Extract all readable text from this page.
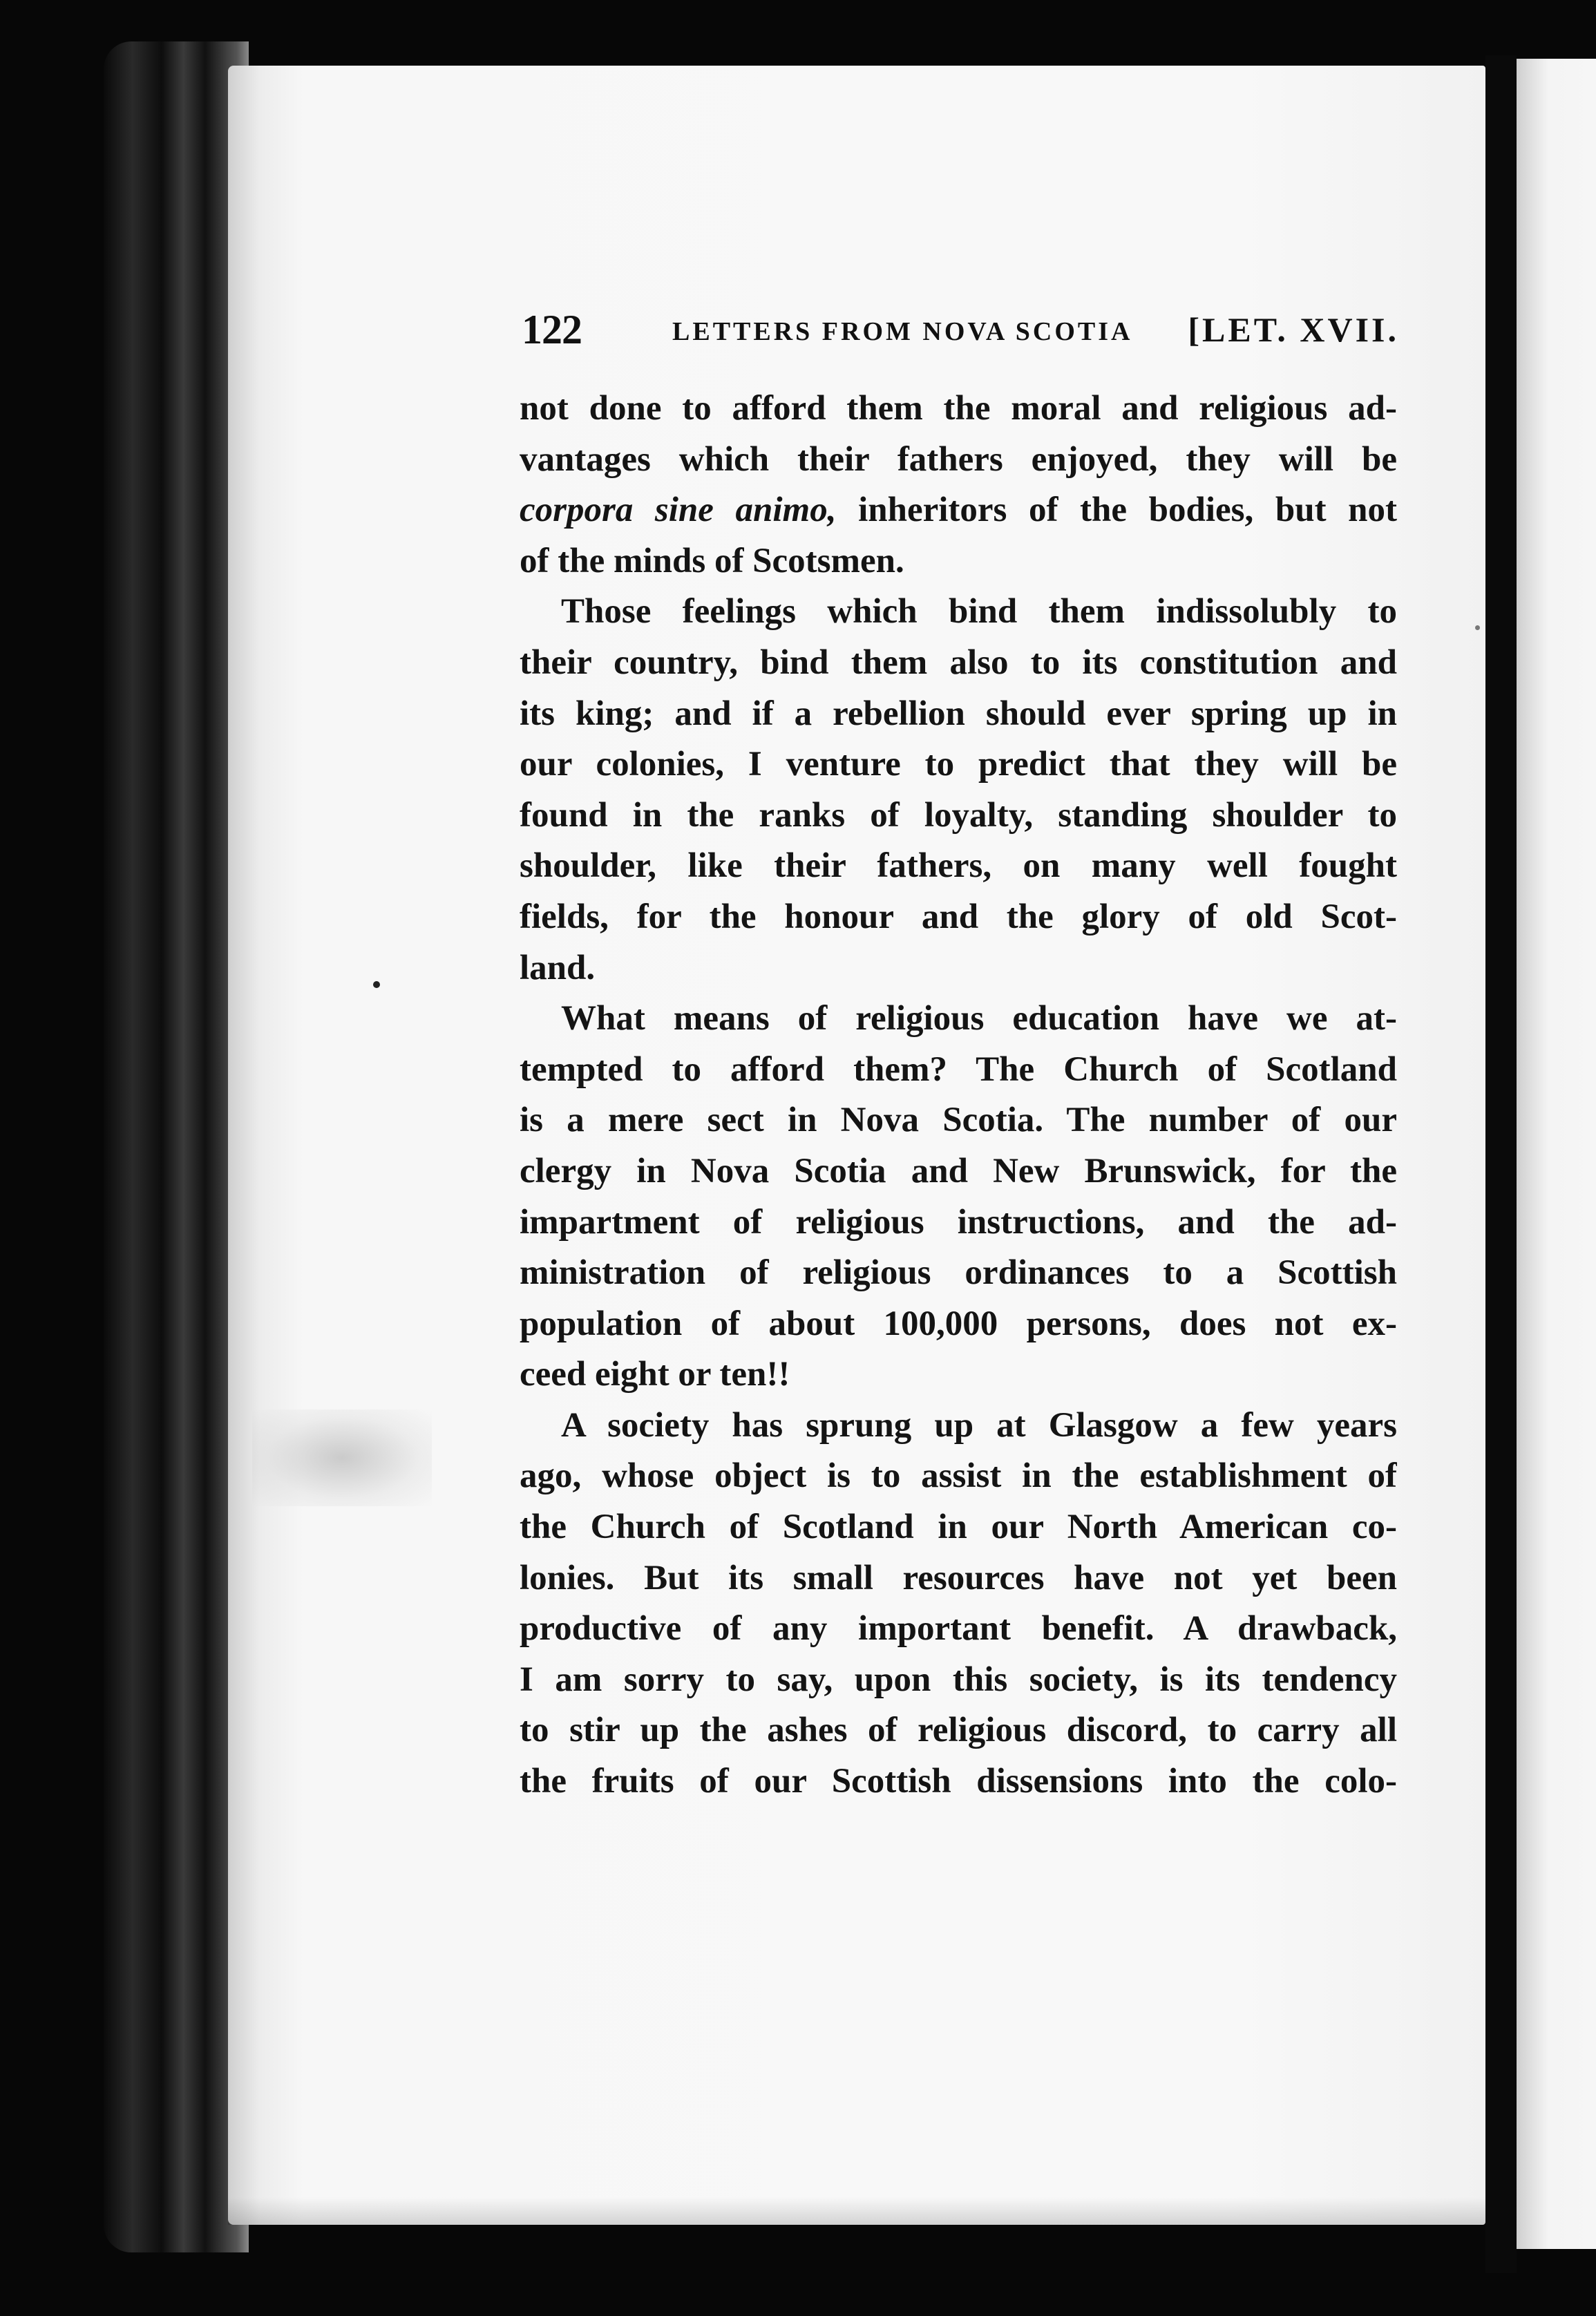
122	LETTERS FROM NOVA SCOTIA [LET. XVII.
not done to afford them the moral and religious ad-
vantages which their fathers enjoyed, they will be
corpora sine animo, inheritors of the bodies, but not
of the minds of Scotsmen.
Those feelings which bind them indissolubly to
their country, bind them also to its constitution and
its king; and if a rebellion should ever spring up in
our colonies, I venture to predict that they will be
found in the ranks of loyalty, standing shoulder to
shoulder, like their fathers, on many well fought
fields, for the honour and the glory of old Scot-
land.
What means of religious education have we at-
tempted to afford them? The Church of Scotland
is a mere sect in Nova Scotia. The number of our
clergy in Nova Scotia and New Brunswick, for the
impartment of religious instructions, and the ad-
ministration of religious ordinances to a Scottish
population of about 100,000 persons, does not ex-
ceed eight or ten!!
A society has sprung up at Glasgow a few years
ago, whose object is to assist in the establishment of
the Church of Scotland in our North American co-
lonies. But its small resources have not yet been
productive of any important benefit. A drawback,
I am sorry to say, upon this society, is its tendency
to stir up the ashes of religious discord, to carry all
the fruits of our Scottish dissensions into the colo-
